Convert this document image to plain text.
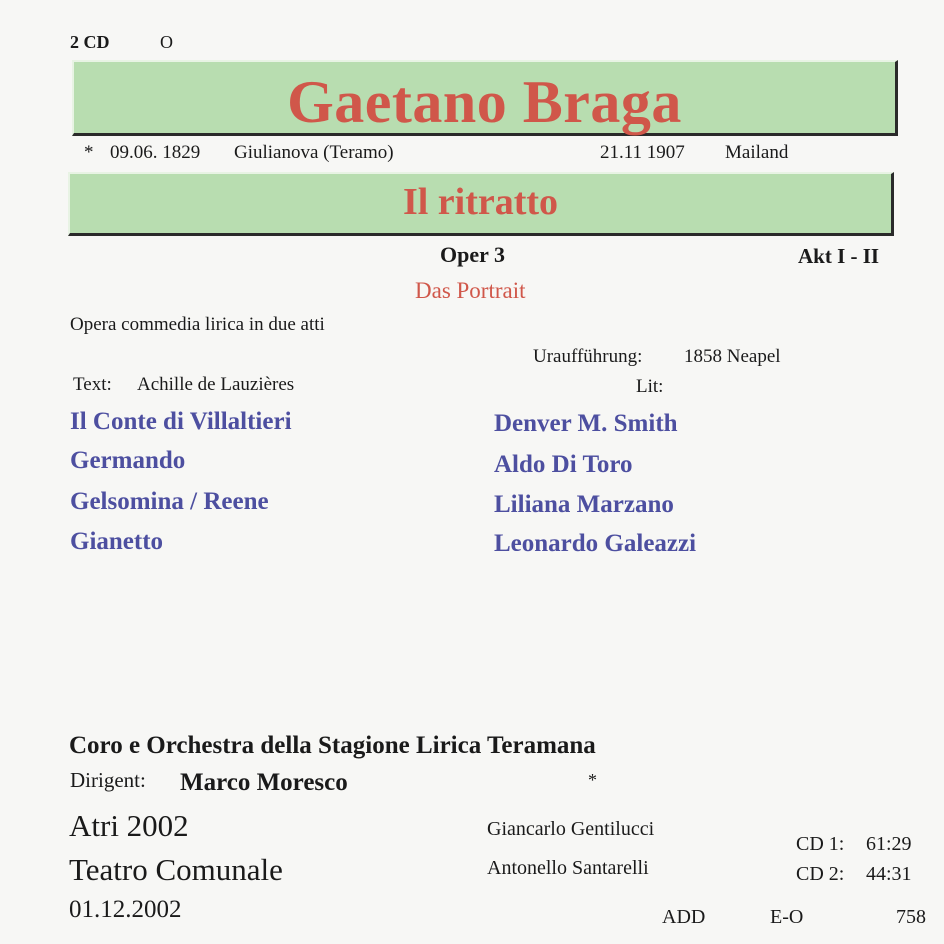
2 CD	O
Gaetano Braga
* 09.06. 1829 Giulianova (Teramo)	21.11 1907 Mailand
Il ritratto
Oper 3	Akt I - II
Das Portrait
Opera commedia lirica in due atti
Uraufführung: 1858 Neapel
Lit:
Text: Achille de Lauzières
Il Conte di Villaltieri	Denver M. Smith
Germando	Aldo Di Toro
Gelsomina / Reene	Liliana Marzano
Gianetto	Leonardo Galeazzi
Coro e Orchestra della Stagione Lirica Teramana
Dirigent: Marco Moresco	*
Atri 2002
Teatro Comunale
01.12.2002
Giancarlo Gentilucci
Antonello Santarelli
CD 1: 61:29
CD 2: 44:31
ADD	E-O	758
